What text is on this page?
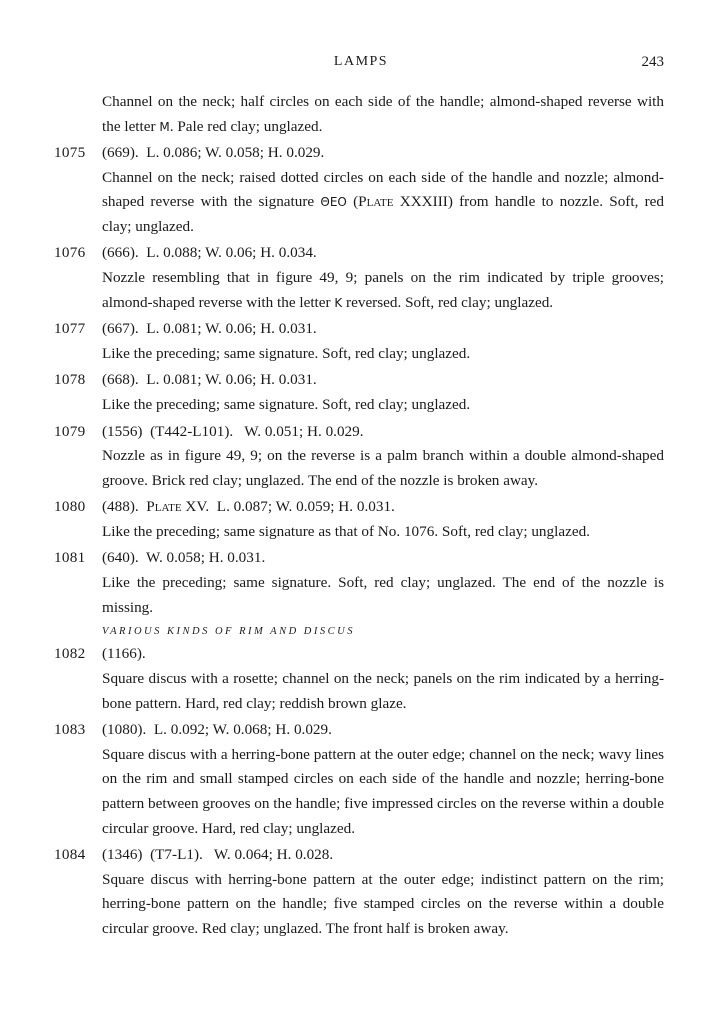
LAMPS	243
Channel on the neck; half circles on each side of the handle; almond-shaped reverse with the letter M. Pale red clay; unglazed.
1075	(669).  L. 0.086; W. 0.058; H. 0.029.
Channel on the neck; raised dotted circles on each side of the handle and nozzle; almond-shaped reverse with the signature ΘΕΟ (Plate XXXIII) from handle to nozzle. Soft, red clay; unglazed.
1076	(666).  L. 0.088; W. 0.06; H. 0.034.
Nozzle resembling that in figure 49, 9; panels on the rim indicated by triple grooves; almond-shaped reverse with the letter K reversed. Soft, red clay; unglazed.
1077	(667).  L. 0.081; W. 0.06; H. 0.031.
Like the preceding; same signature. Soft, red clay; unglazed.
1078	(668).  L. 0.081; W. 0.06; H. 0.031.
Like the preceding; same signature. Soft, red clay; unglazed.
1079	(1556)  (T442-L101).   W. 0.051; H. 0.029.
Nozzle as in figure 49, 9; on the reverse is a palm branch within a double almond-shaped groove. Brick red clay; unglazed. The end of the nozzle is broken away.
1080	(488).  Plate XV.  L. 0.087; W. 0.059; H. 0.031.
Like the preceding; same signature as that of No. 1076. Soft, red clay; unglazed.
1081	(640).  W. 0.058; H. 0.031.
Like the preceding; same signature. Soft, red clay; unglazed. The end of the nozzle is missing.
VARIOUS KINDS OF RIM AND DISCUS
1082	(1166).
Square discus with a rosette; channel on the neck; panels on the rim indicated by a herring-bone pattern. Hard, red clay; reddish brown glaze.
1083	(1080).  L. 0.092; W. 0.068; H. 0.029.
Square discus with a herring-bone pattern at the outer edge; channel on the neck; wavy lines on the rim and small stamped circles on each side of the handle and nozzle; herring-bone pattern between grooves on the handle; five impressed circles on the reverse within a double circular groove. Hard, red clay; unglazed.
1084	(1346)  (T7-L1).   W. 0.064; H. 0.028.
Square discus with herring-bone pattern at the outer edge; indistinct pattern on the rim; herring-bone pattern on the handle; five stamped circles on the reverse within a double circular groove. Red clay; unglazed. The front half is broken away.
